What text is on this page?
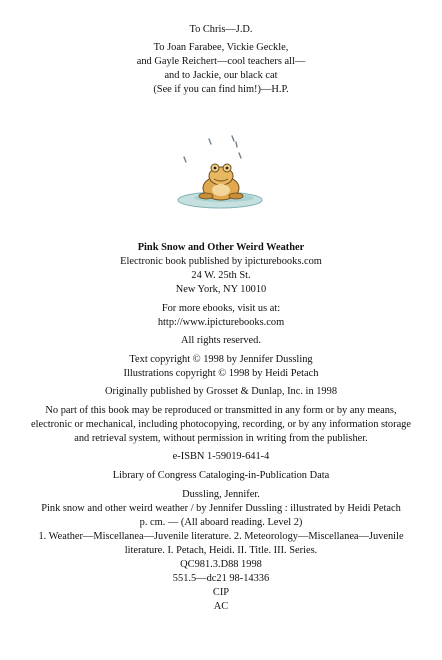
To Chris—J.D.
To Joan Farabee, Vickie Geckle,
and Gayle Reichert—cool teachers all—
and to Jackie, our black cat
(See if you can find him!)—H.P.
Pink Snow and Other Weird Weather
Electronic book published by ipicturebooks.com
24 W. 25th St.
New York, NY 10010
For more ebooks, visit us at:
http://www.ipicturebooks.com
All rights reserved.
Text copyright © 1998 by Jennifer Dussling
Illustrations copyright © 1998 by Heidi Petach
Originally published by Grosset & Dunlap, Inc. in 1998
No part of this book may be reproduced or transmitted in any form or by any means,
electronic or mechanical, including photocopying, recording, or by any information storage
and retrieval system, without permission in writing from the publisher.
e-ISBN 1-59019-641-4
Library of Congress Cataloging-in-Publication Data
Dussling, Jennifer.
Pink snow and other weird weather / by Jennifer Dussling : illustrated by Heidi Petach
p. cm. — (All aboard reading. Level 2)
1. Weather—Miscellanea—Juvenile literature. 2. Meteorology—Miscellanea—Juvenile
literature. I. Petach, Heidi. II. Title. III. Series.
QC981.3.D88 1998
551.5—dc21 98-14336
CIP
AC
